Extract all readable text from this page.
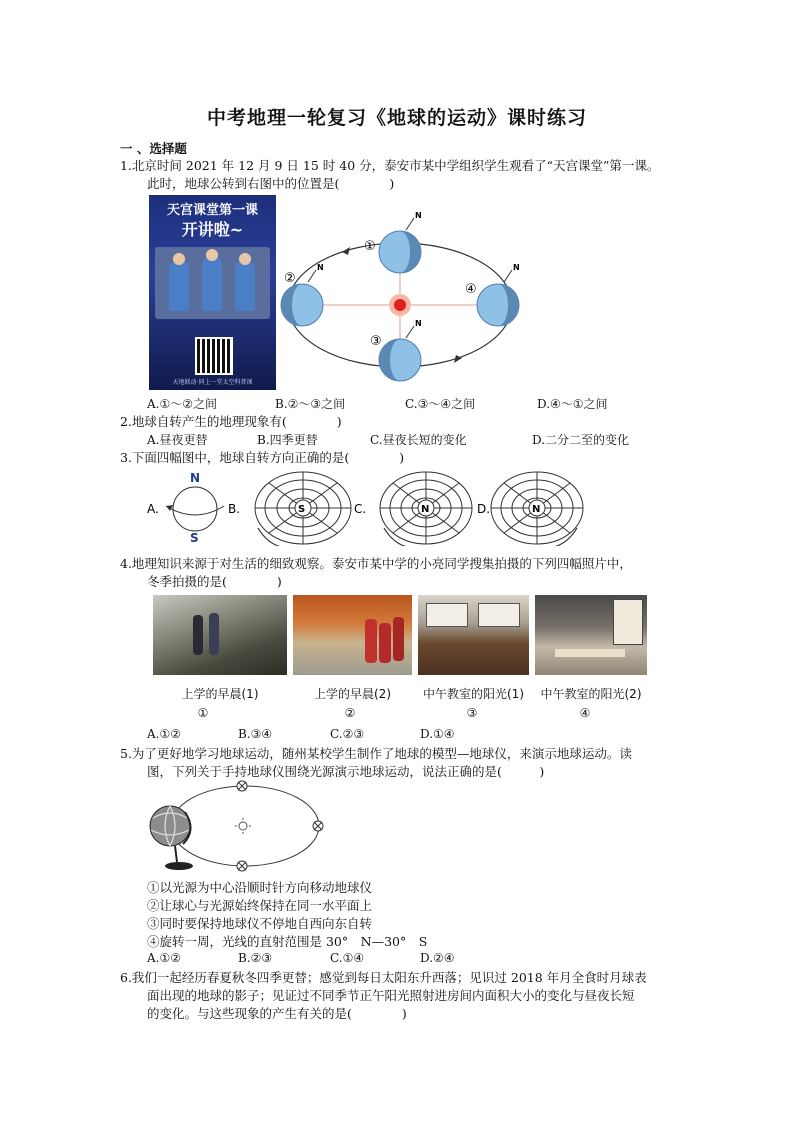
中考地理一轮复习《地球的运动》课时练习
一 、选择题
1.北京时间 2021 年 12 月 9 日 15 时 40 分，泰安市某中学组织学生观看了“天宫课堂”第一课。
此时，地球公转到右图中的位置是(　　　　)
天宫课堂第一课
开讲啦~
天地联动·同上一堂太空科普课
N
N
N
N
①
②
③
④
A.①～②之间	B.②～③之间	C.③～④之间	D.④～①之间
2.地球自转产生的地理现象有(　　　　)
A.昼夜更替	B.四季更替	C.昼夜长短的变化	D.二分二至的变化
3.下面四幅图中，地球自转方向正确的是(　　　　)
A.
N
S
B.	S	C.	N	D.	N
4.地理知识来源于对生活的细致观察。泰安市某中学的小亮同学搜集拍摄的下列四幅照片中，
冬季拍摄的是(　　　　)
上学的早晨(1)	上学的早晨(2)	中午教室的阳光(1)	中午教室的阳光(2)
①	②	③	④
A.①②	B.③④	C.②③	D.①④
5.为了更好地学习地球运动，随州某校学生制作了地球的模型—地球仪，来演示地球运动。读
图，下列关于手持地球仪围绕光源演示地球运动，说法正确的是(　　　)
①以光源为中心沿顺时针方向移动地球仪
②让球心与光源始终保持在同一水平面上
③同时要保持地球仪不停地自西向东自转
④旋转一周，光线的直射范围是 30°　N—30°　S
A.①②	B.②③	C.①④	D.②④
6.我们一起经历春夏秋冬四季更替；感觉到每日太阳东升西落；见识过 2018 年月全食时月球表
面出现的地球的影子；见证过不同季节正午阳光照射进房间内面积大小的变化与昼夜长短
的变化。与这些现象的产生有关的是(　　　　)
